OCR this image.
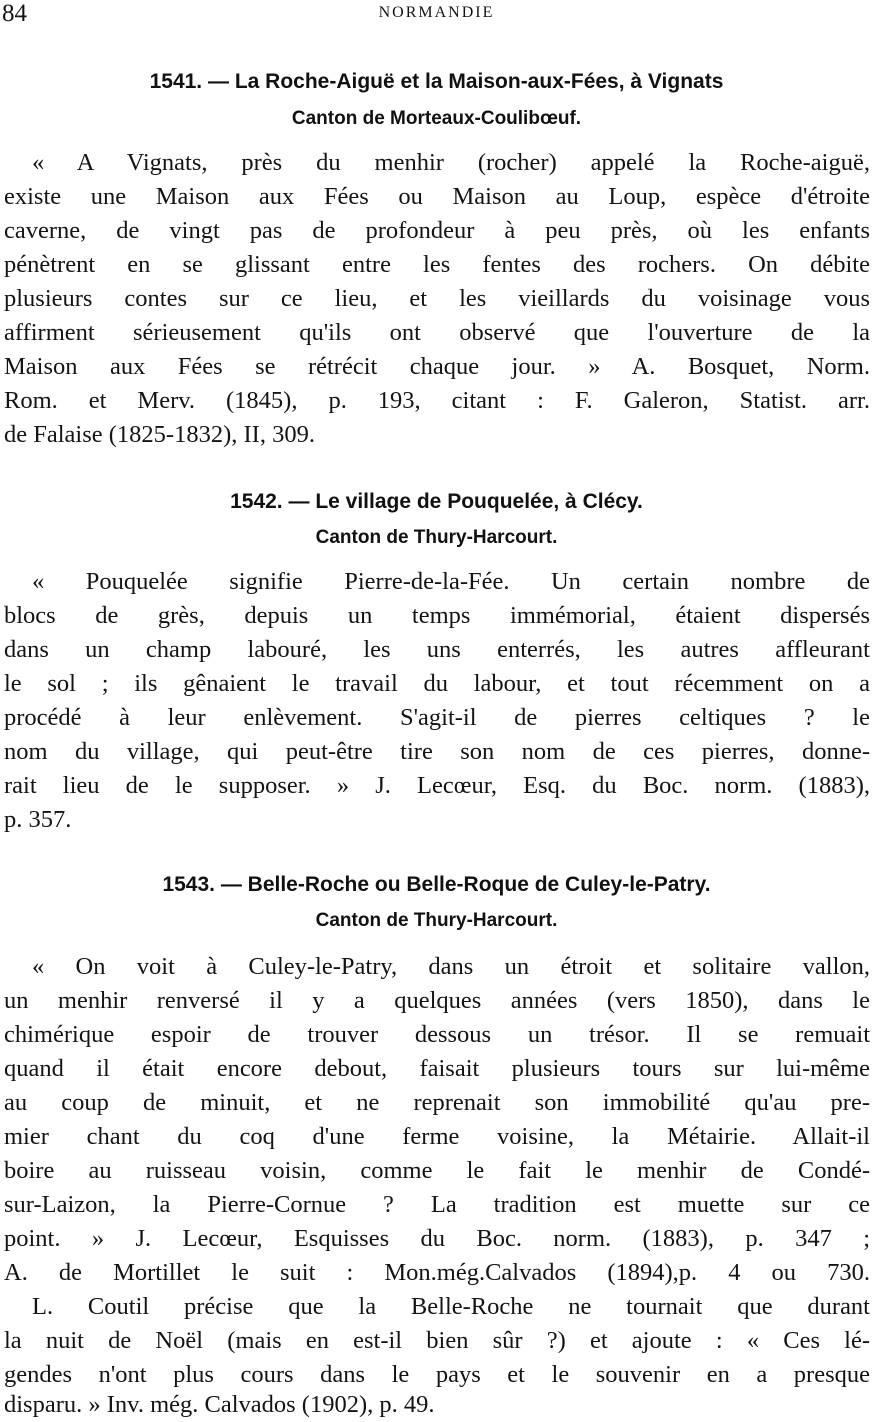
84	NORMANDIE
1541. — La Roche-Aiguë et la Maison-aux-Fées, à Vignats
Canton de Morteaux-Coulibœuf.
« A Vignats, près du menhir (rocher) appelé la Roche-aiguë,
existe une Maison aux Fées ou Maison au Loup, espèce d'étroite
caverne, de vingt pas de profondeur à peu près, où les enfants
pénètrent en se glissant entre les fentes des rochers. On débite
plusieurs contes sur ce lieu, et les vieillards du voisinage vous
affirment sérieusement qu'ils ont observé que l'ouverture de la
Maison aux Fées se rétrécit chaque jour. » A. Bosquet, Norm.
Rom. et Merv. (1845), p. 193, citant : F. Galeron, Statist. arr.
de Falaise (1825-1832), II, 309.
1542. — Le village de Pouquelée, à Clécy.
Canton de Thury-Harcourt.
« Pouquelée signifie Pierre-de-la-Fée. Un certain nombre de
blocs de grès, depuis un temps immémorial, étaient dispersés
dans un champ labouré, les uns enterrés, les autres affleurant
le sol ; ils gênaient le travail du labour, et tout récemment on a
procédé à leur enlèvement. S'agit-il de pierres celtiques ? le
nom du village, qui peut-être tire son nom de ces pierres, donne-
rait lieu de le supposer. » J. Lecœur, Esq. du Boc. norm. (1883),
p. 357.
1543. — Belle-Roche ou Belle-Roque de Culey-le-Patry.
Canton de Thury-Harcourt.
« On voit à Culey-le-Patry, dans un étroit et solitaire vallon,
un menhir renversé il y a quelques années (vers 1850), dans le
chimérique espoir de trouver dessous un trésor. Il se remuait
quand il était encore debout, faisait plusieurs tours sur lui-même
au coup de minuit, et ne reprenait son immobilité qu'au pre-
mier chant du coq d'une ferme voisine, la Métairie. Allait-il
boire au ruisseau voisin, comme le fait le menhir de Condé-
sur-Laizon, la Pierre-Cornue ? La tradition est muette sur ce
point. » J. Lecœur, Esquisses du Boc. norm. (1883), p. 347 ;
A. de Mortillet le suit : Mon.még.Calvados (1894),p. 4 ou 730.
L. Coutil précise que la Belle-Roche ne tournait que durant
la nuit de Noël (mais en est-il bien sûr ?) et ajoute : « Ces lé-
gendes n'ont plus cours dans le pays et le souvenir en a presque
disparu. » Inv. még. Calvados (1902), p. 49.
